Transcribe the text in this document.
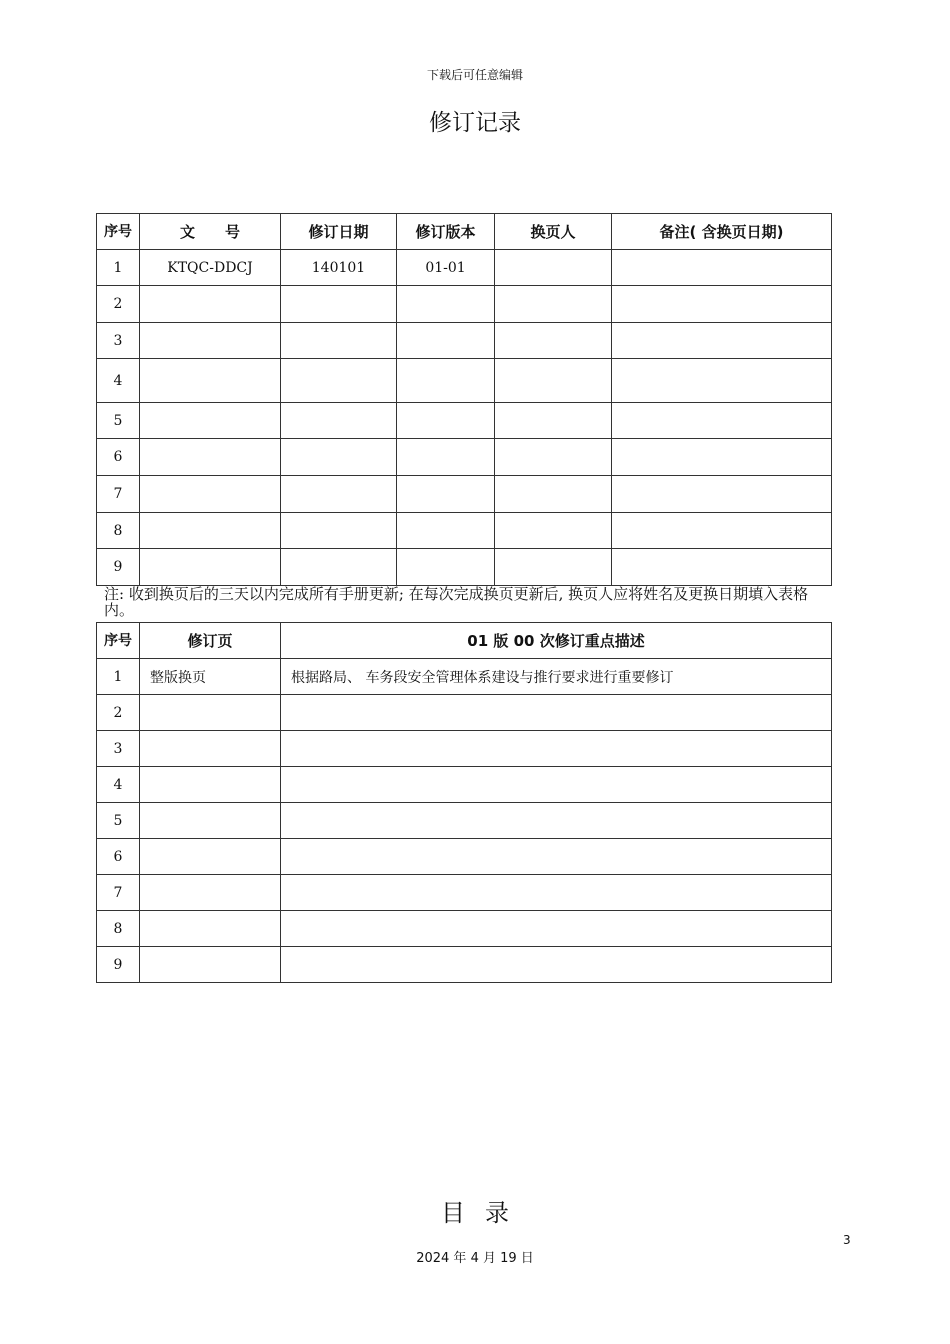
下载后可任意编辑
修订记录
序号	文　　号	修订日期	修订版本	换页人	备注( 含换页日期)
1	KTQC-DDCJ	140101	01-01		
2					
3					
4					
5					
6					
7					
8					
9					
注: 收到换页后的三天以内完成所有手册更新; 在每次完成换页更新后, 换页人应将姓名及更换日期填入表格内。
序号	修订页	01 版 00 次修订重点描述
1	整版换页	根据路局、 车务段安全管理体系建设与推行要求进行重要修订
2		
3		
4		
5		
6		
7		
8		
9		
目录
3
2024 年 4 月 19 日
